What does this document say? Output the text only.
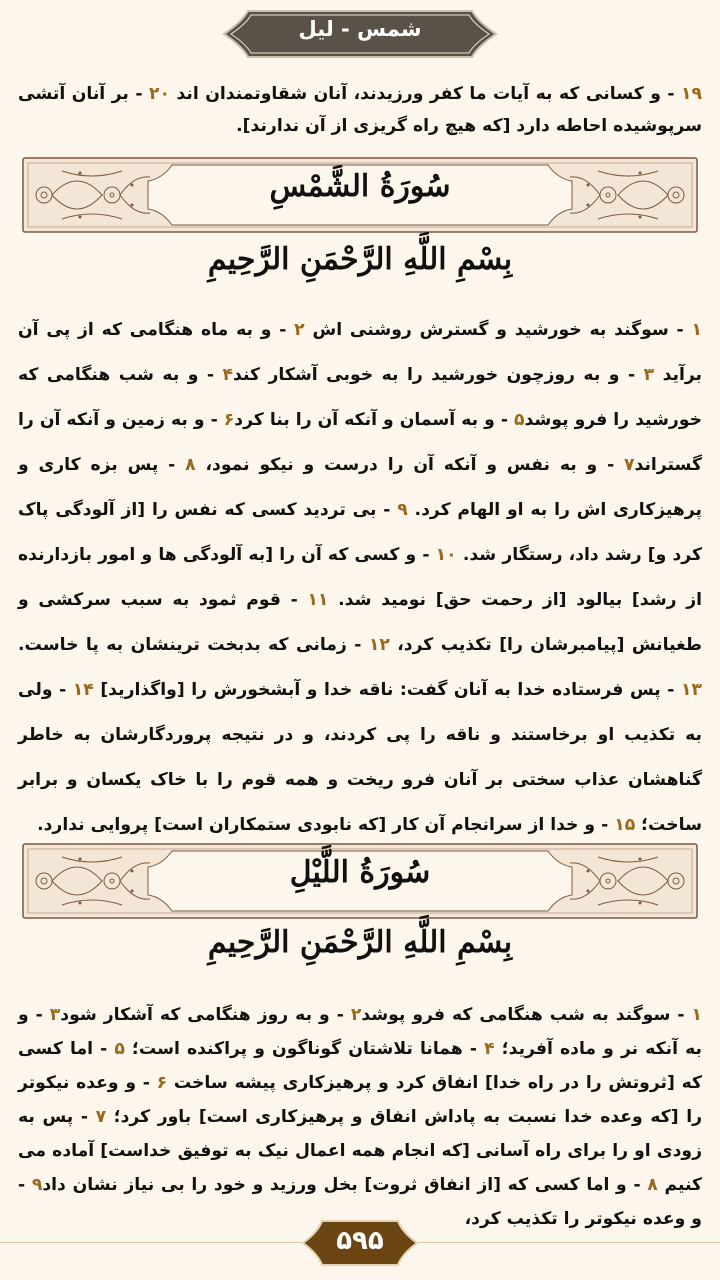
شمس - لیل
۱۹ - و کسانی که به آیات ما کفر ورزیدند، آنان شقاوتمندان اند ۲۰ - بر آنان آتشی سرپوشیده احاطه دارد [که هیچ راه گریزی از آن ندارند].
سُورَةُ الشَّمْسِ
بِسْمِ اللَّهِ الرَّحْمَنِ الرَّحِيمِ
۱ - سوگند به خورشید و گسترش روشنی اش ۲ - و به ماه هنگامی که از پی آن برآید ۳ - و به روزچون خورشید را به خوبی آشکار کند۴ - و به شب هنگامی که خورشید را فرو پوشد۵ - و به آسمان و آنکه آن را بنا کرد۶ - و به زمین و آنکه آن را گستراند۷ - و به نفس و آنکه آن را درست و نیکو نمود، ۸ - پس بزه کاری و پرهیزکاری اش را به او الهام کرد. ۹ - بی تردید کسی که نفس را [از آلودگی پاک کرد و] رشد داد، رستگار شد. ۱۰ - و کسی که آن را [به آلودگی ها و امور بازدارنده از رشد] بیالود [از رحمت حق] نومید شد. ۱۱ - قوم ثمود به سبب سرکشی و طغیانش [پیامبرشان را] تکذیب کرد، ۱۲ - زمانی که بدبخت ترینشان به پا خاست. ۱۳ - پس فرستاده خدا به آنان گفت: ناقه خدا و آبشخورش را [واگذارید] ۱۴ - ولی به تکذیب او برخاستند و ناقه را پی کردند، و در نتیجه پروردگارشان به خاطر گناهشان عذاب سختی بر آنان فرو ریخت و همه قوم را با خاک یکسان و برابر ساخت؛ ۱۵ - و خدا از سرانجام آن کار [که نابودی ستمکاران است] پروایی ندارد.
سُورَةُ اللَّيْلِ
بِسْمِ اللَّهِ الرَّحْمَنِ الرَّحِيمِ
۱ - سوگند به شب هنگامی که فرو پوشد۲ - و به روز هنگامی که آشکار شود۳ - و به آنکه نر و ماده آفرید؛ ۴ - همانا تلاشتان گوناگون و پراکنده است؛ ۵ - اما کسی که [ثروتش را در راه خدا] انفاق کرد و پرهیزکاری پیشه ساخت ۶ - و وعده نیکوتر را [که وعده خدا نسبت به پاداش انفاق و پرهیزکاری است] باور کرد؛ ۷ - پس به زودی او را برای راه آسانی [که انجام همه اعمال نیک به توفیق خداست] آماده می کنیم ۸ - و اما کسی که [از انفاق ثروت] بخل ورزید و خود را بی نیاز نشان داد۹ - و وعده نیکوتر را تکذیب کرد،
۵۹۵
